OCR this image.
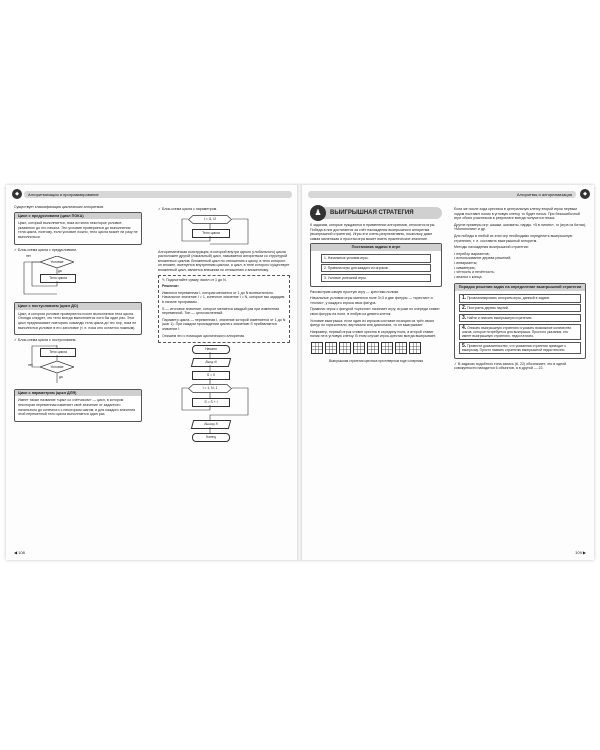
◆	Алгоритмизация и программирование

Существует классификация циклических алгоритмов.

Цикл с предусловием (цикл ПОКА)

Цикл, который выполняется, пока истинно некоторое условие, указанное до его начала. Это условие проверяется до выполнения тела цикла, поэтому, если условие ложно, тело цикла может ни разу не выполниться.

✓ Блок-схема цикла с предусловием.

Условие
нет
да
Тело цикла
Цикл с постусловием (цикл ДО)

Цикл, в котором условие проверяется после выполнения тела цикла. Отсюда следует, что тело всегда выполняется хотя бы один раз. Этот цикл предписывает повторять команды тела цикла до тех пор, пока не выполнится условие в его заголовке (т. е. пока оно остается ложным).

✓ Блок-схема цикла с постусловием.

Тело цикла
Условие
нет
да
Цикл с параметром (цикл ДЛЯ)

Имеет также название «цикл со счётчиком» — цикл, в котором некоторая переменная изменяет своё значение от заданного начального до конечного с некоторым шагом, и для каждого значения этой переменной тело цикла выполняется один раз.

✓ Блок-схема цикла с параметром.

I = I1, I2
Тело цикла

Алгоритмическая конструкция, в которой внутри одного (глобального) цикла расположен другой (локальный) цикл, называется алгоритмом со структурой вложенных циклов. Вложенный цикл по отношению к циклу, в тело которого он вложен, именуется внутренним циклом, а цикл, в теле которого существует вложенный цикл, является внешним по отношению к вложенному.

✎ Подсчитайте сумму чисел от 1 до N.

Решение:

Имеются переменная I, которая меняется от 1 до N включительно. Начальное значение I = 1, конечное значение I = N, которые мы зададим в начале программы.

S — итоговое значение, которое меняется каждый раз при изменении переменной. Тип — целочисленный.

Параметр цикла — переменная I, значение которой изменяется от 1 до N (шаг 1). При каждом прохождении цикла к значению S прибавляется значение I.

Опишем это с помощью циклического алгоритма.

Начало
Ввод N
S = 0
I = 1, N, 1
S = S + I
Вывод S
Конец
◀ 108
Алгоритмы и алгоритмизация	◆
♟	ВЫИГРЫШНАЯ СТРАТЕГИЯ

К задачам, которые нуждаются в применении алгоритмов, относятся игры. Победа в них достигается за счёт нахождения выигрышного алгоритма (выигрышной стратегии). Игры эти очень результативны, поскольку даже самая маленькая и простая игра может иметь практическое значение.

Постановка задачи в игре
1. Начальные условия игры.
2. Правила игры для каждого из игроков.
3. Условие успешной игры.

Рассмотрим самую простую игру — крестики-нолики.

Начальные условия игры имеются поле 3×3 и две фигуры — «крестик» и «нолик», у каждого игрока своя фигура.

Правила: игрок с фигурой «крестик» начинает игру; игроки по очереди ставят свои фигуры на поле, в любую из девяти клеток.

Условие выигрыша: если один из игроков составит позицию из трёх своих фигур по горизонтали, вертикали или диагонали, то он выигрывает.

Например, первый игрок ставит крестик в середину поля, а второй ставит нолик не в угловую клетку. В этом случае игрок-крестик всегда выигрывает.

Выигрышная стратегия крестика при неверном ходе соперника

Если же после хода крестика в центральную клетку второй игрок первым ходом поставит нолик в угловую клетку, то будет ничья. При безошибочной игре обоих участников в результате всегда получится ничья.

Другие примеры игр: шашки, шахматы, нарды, «5 в линию», го (игра из Китая), «Монополия» и др.

Для победы в любой из этих игр необходимо определить выигрышную стратегию, т. е. составить выигрышный алгоритм.

Методы нахождения выигрышной стратегии:

• перебор вариантов;
• использование дерева решений;
• инварианты;
• симметрия;
• чётность и нечётность;
• анализ с конца.
Порядок решения задач на определение выигрышной стратегии
1. Проанализировать алгоритм игры, данный в задаче.
2. Построить дерево партий.
3. Найти и описать выигрышную стратегию.
4. Описать выигрышную стратегию и указать возможное количество шагов, которое потребуется для выигрыша. Простого указания, кто имеет выигрышную стратегию, недостаточно.
5. Привести доказательство, что указанная стратегия приводит к выигрышу. Просто назвать стратегию выигрышной недостаточно.

✓ В задачах подобного типа запись (6, 22) обозначает, что в одной совокупности находится 6 объектов, а в другой — 22.

109 ▶
